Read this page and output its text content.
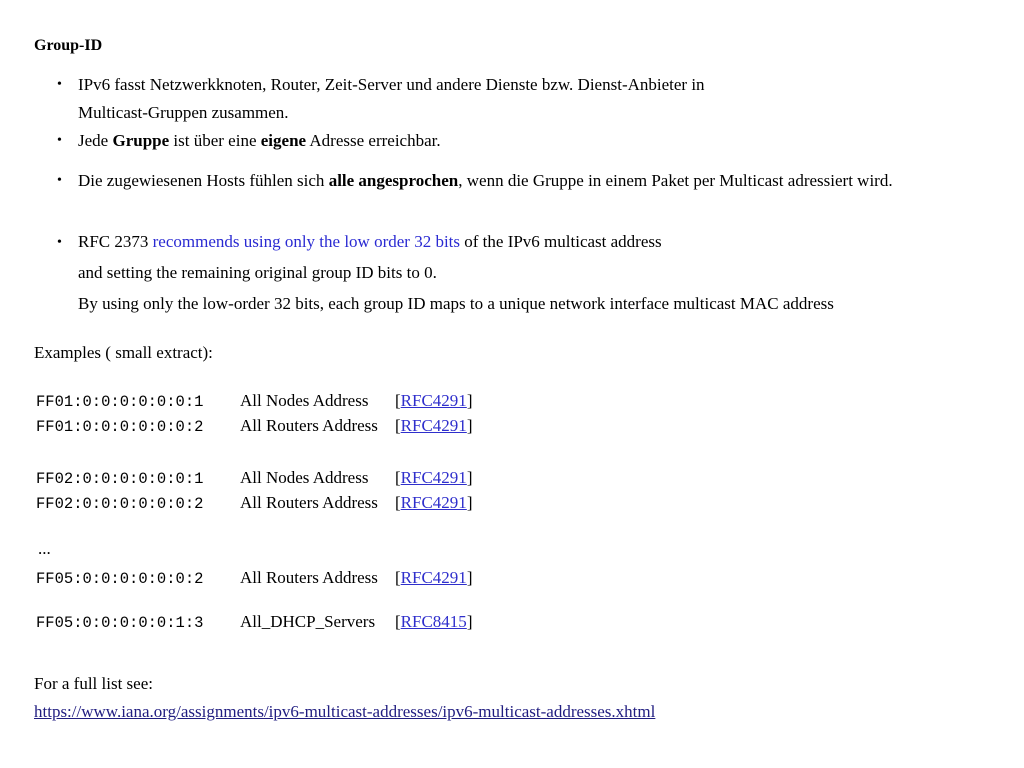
Group-ID
• IPv6 fasst Netzwerkknoten, Router, Zeit-Server und andere Dienste bzw. Dienst-Anbieter in
Multicast-Gruppen zusammen.
• Jede Gruppe ist über eine eigene Adresse erreichbar.
• Die zugewiesenen Hosts fühlen sich alle angesprochen, wenn die Gruppe in einem Paket per Multicast adressiert wird.
• RFC 2373 recommends using only the low order 32 bits of the IPv6 multicast address
and setting the remaining original group ID bits to 0.
By using only the low-order 32 bits, each group ID maps to a unique network interface multicast MAC address
Examples ( small extract):
FF01:0:0:0:0:0:0:1	All Nodes Address	[RFC4291]
FF01:0:0:0:0:0:0:2	All Routers Address	[RFC4291]
FF02:0:0:0:0:0:0:1	All Nodes Address	[RFC4291]
FF02:0:0:0:0:0:0:2	All Routers Address	[RFC4291]
...
FF05:0:0:0:0:0:0:2	All Routers Address	[RFC4291]
FF05:0:0:0:0:0:1:3	All_DHCP_Servers	[RFC8415]
For a full list see:
https://www.iana.org/assignments/ipv6-multicast-addresses/ipv6-multicast-addresses.xhtml
